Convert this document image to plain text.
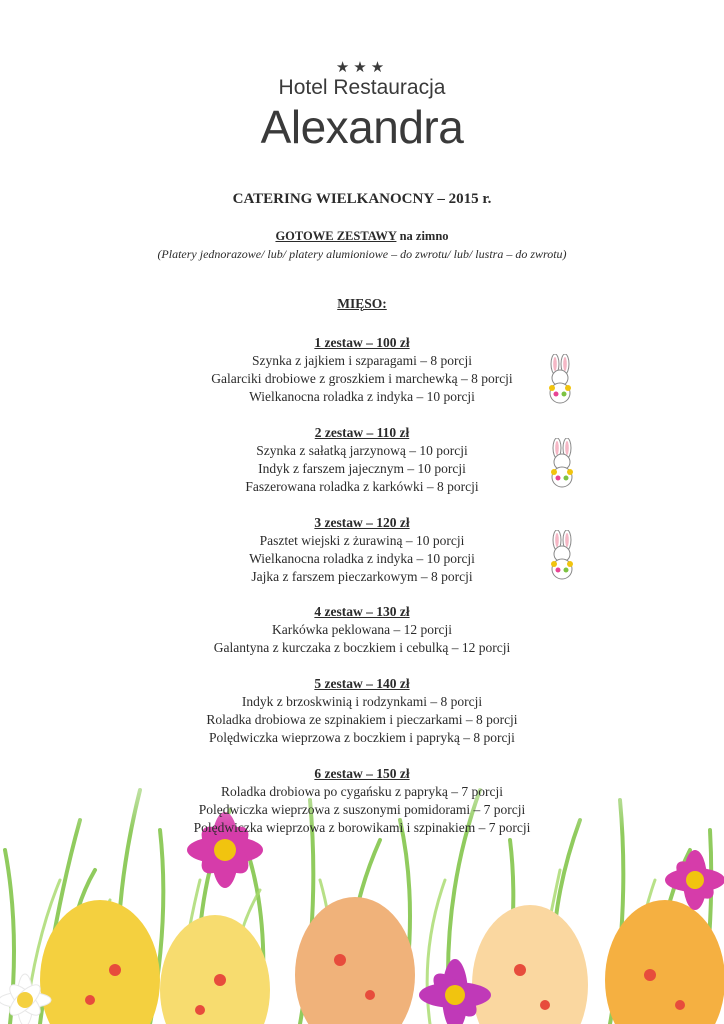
★★★
Hotel Restauracja
Alexandra
CATERING WIELKANOCNY – 2015 r.
GOTOWE ZESTAWY na zimno
(Platery jednorazowe/ lub/ platery alumioniowe – do zwrotu/ lub/ lustra – do zwrotu)
MIĘSO:
1 zestaw – 100 zł
Szynka z jajkiem i szparagami – 8 porcji
Galarciki drobiowe z groszkiem i marchewką – 8 porcji
Wielkanocna roladka z indyka – 10 porcji
2 zestaw – 110 zł
Szynka z sałatką jarzynową – 10 porcji
Indyk z farszem jajecznym – 10 porcji
Faszerowana roladka z karkówki – 8 porcji
3 zestaw – 120 zł
Pasztet wiejski z żurawiną – 10 porcji
Wielkanocna roladka z indyka – 10 porcji
Jajka z farszem pieczarkowym – 8 porcji
4 zestaw – 130 zł
Karkówka peklowana – 12 porcji
Galantyna z kurczaka z boczkiem i cebulką – 12 porcji
5 zestaw – 140 zł
Indyk z brzoskwinią i rodzynkami – 8 porcji
Roladka drobiowa ze szpinakiem i pieczarkami – 8 porcji
Polędwiczka wieprzowa z boczkiem i papryką – 8 porcji
6 zestaw – 150 zł
Roladka drobiowa po cygańsku z papryką – 7 porcji
Polędwiczka wieprzowa z suszonymi pomidorami – 7 porcji
Polędwiczka wieprzowa z borowikami i szpinakiem – 7 porcji
